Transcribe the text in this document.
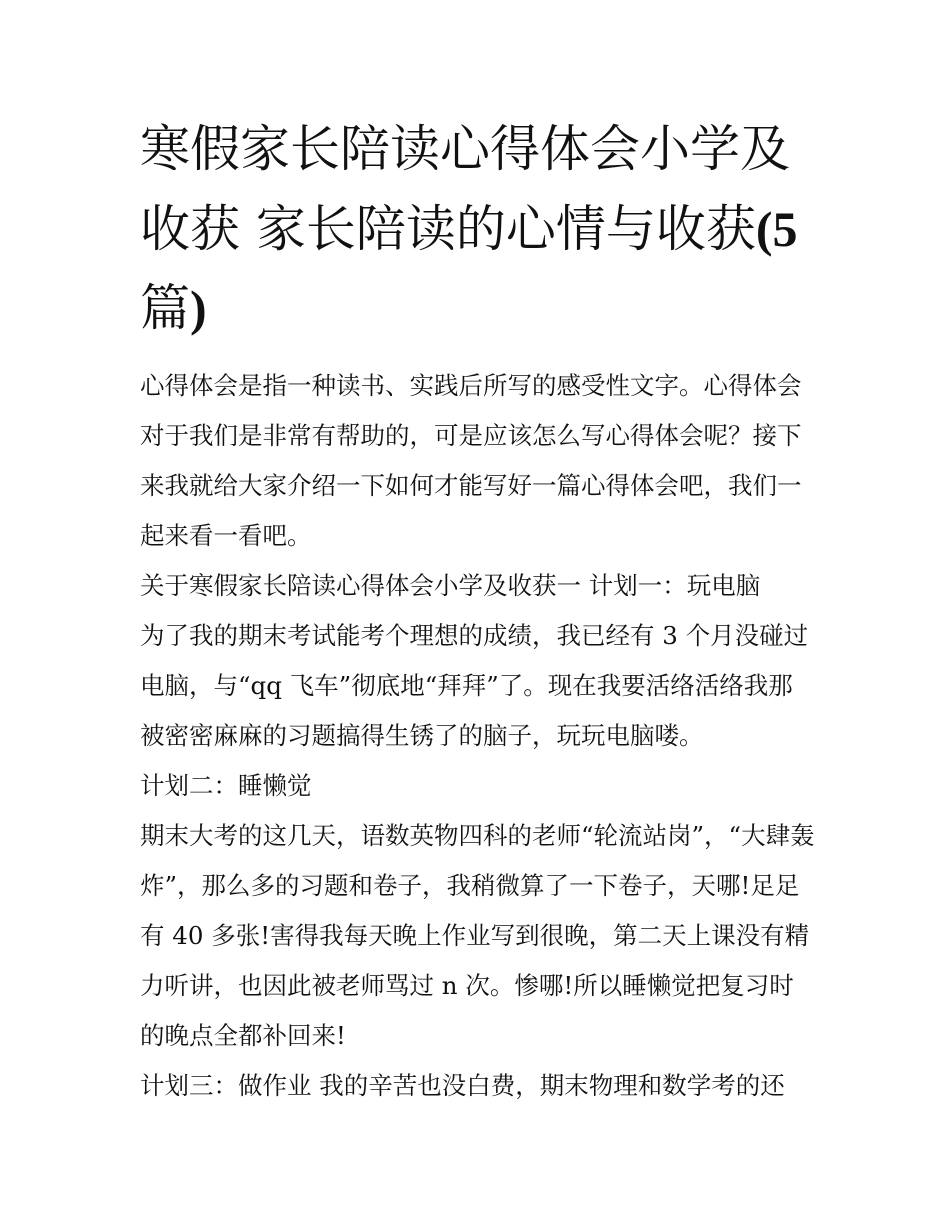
寒假家长陪读心得体会小学及收获 家长陪读的心情与收获(5
篇)

心得体会是指一种读书、实践后所写的感受性文字。心得体会对于我们是非常有帮助的，可是应该怎么写心得体会呢？接下来我就给大家介绍一下如何才能写好一篇心得体会吧，我们一起来看一看吧。

关于寒假家长陪读心得体会小学及收获一 计划一：玩电脑

为了我的期末考试能考个理想的成绩，我已经有 3 个月没碰过电脑，与“qq 飞车”彻底地“拜拜”了。现在我要活络活络我那被密密麻麻的习题搞得生锈了的脑子，玩玩电脑喽。

计划二：睡懒觉

期末大考的这几天，语数英物四科的老师“轮流站岗”，“大肆轰炸”，那么多的习题和卷子，我稍微算了一下卷子，天哪!足足有 40 多张!害得我每天晚上作业写到很晚，第二天上课没有精力听讲，也因此被老师骂过 n 次。惨哪!所以睡懒觉把复习时的晚点全都补回来!

计划三：做作业 我的辛苦也没白费，期末物理和数学考的还
